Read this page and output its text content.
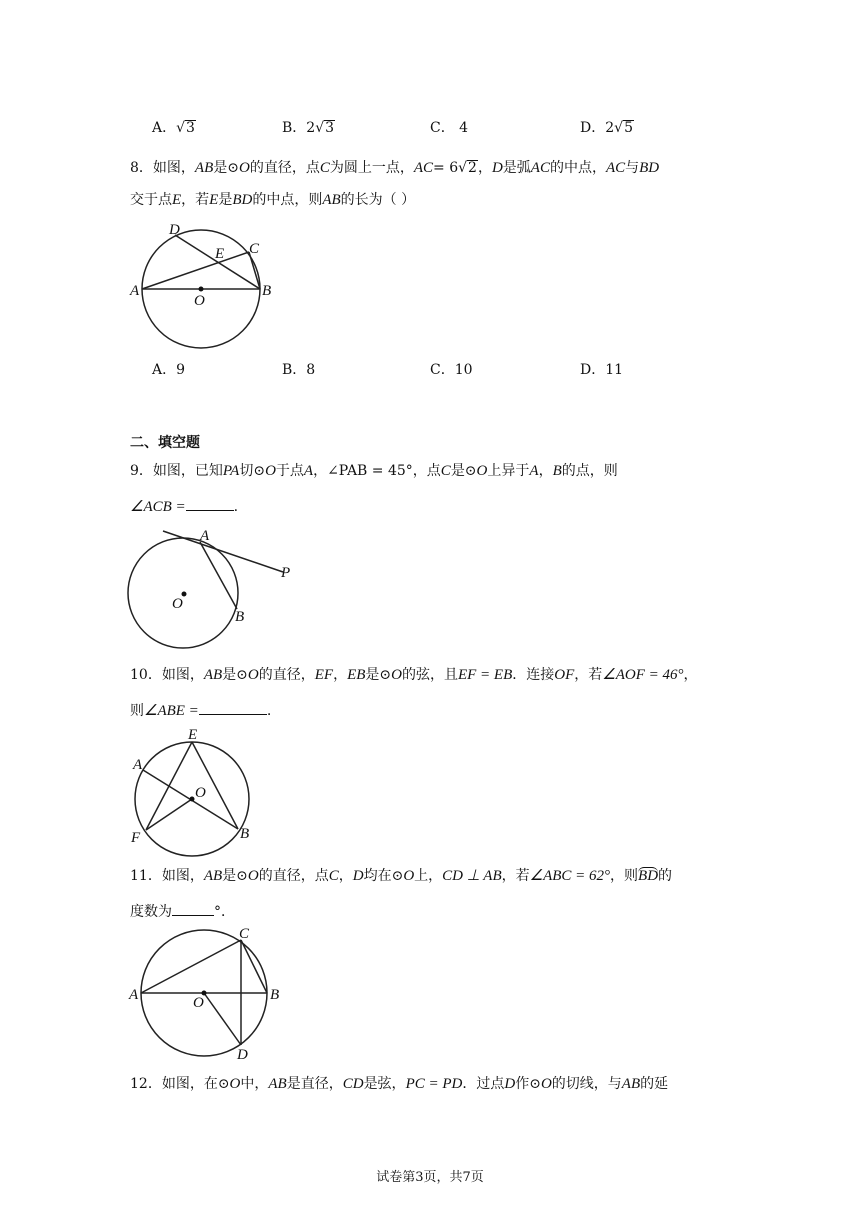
A．√3	B．2√3	C． 4	D．2√5
8．如图，AB是⊙O的直径，点C为圆上一点，AC= 6√2，D是弧AC的中点，AC与BD
交于点E，若E是BD的中点，则AB的长为（ ）
A	B
C
D
E
O
A．9	B．8	C．10	D．11
二、填空题
9．如图，已知PA切⊙O于点A，∠PAB = 45°，点C是⊙O上异于A，B的点，则
∠ACB =	.
A
P
O
B
10．如图，AB是⊙O的直径，EF，EB是⊙O的弦，且EF = EB．连接OF，若∠AOF = 46°，
则∠ABE =	.
A
E
O
F	B
11．如图，AB是⊙O的直径，点C，D均在⊙O上，CD ⊥ AB，若∠ABC = 62°，则BD的
度数为	°．
A
C
O	B
D
12．如图，在⊙O中，AB是直径，CD是弦，PC = PD．过点D作⊙O的切线，与AB的延
试卷第3页，共7页
